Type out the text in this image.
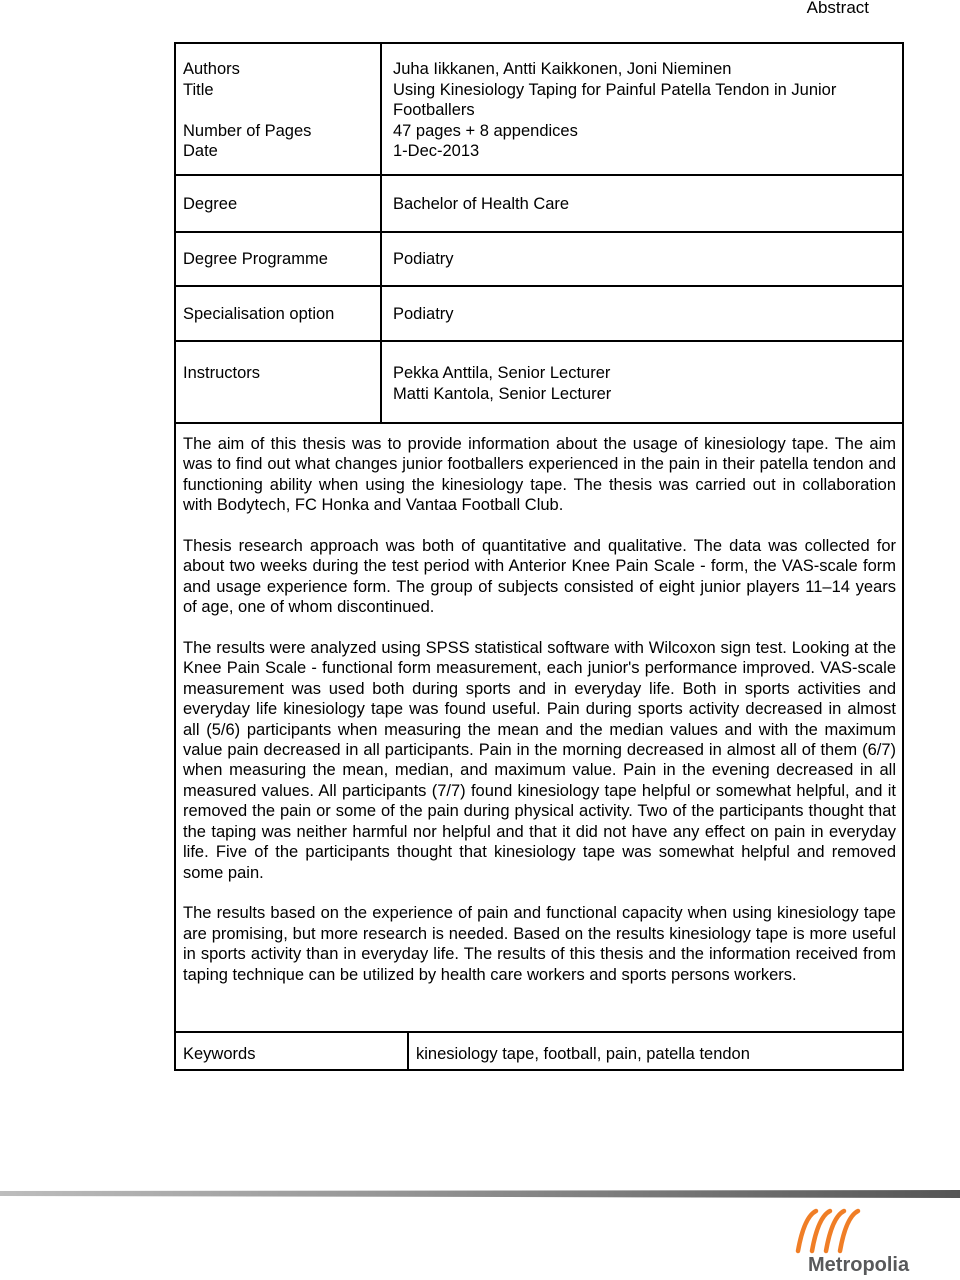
Abstract
Authors	Juha Iikkanen, Antti Kaikkonen, Joni Nieminen
Title	Using Kinesiology Taping for Painful Patella Tendon in Junior
Footballers
Number of Pages	47 pages + 8 appendices
Date	1-Dec-2013
Degree	Bachelor of Health Care
Degree Programme	Podiatry
Specialisation option	Podiatry
Instructors	Pekka Anttila, Senior Lecturer
Matti Kantola, Senior Lecturer

The aim of this thesis was to provide information about the usage of kinesiology tape. The aim was to find out what changes junior footballers experienced in the pain in their patella tendon and functioning ability when using the kinesiology tape. The thesis was carried out in collaboration with Bodytech, FC Honka and Vantaa Football Club.

Thesis research approach was both of quantitative and qualitative. The data was collected for about two weeks during the test period with Anterior Knee Pain Scale - form, the VAS-scale form and usage experience form. The group of subjects consisted of eight junior players 11–14 years of age, one of whom discontinued.

The results were analyzed using SPSS statistical software with Wilcoxon sign test. Looking at the Knee Pain Scale - functional form measurement, each junior's performance improved. VAS-scale measurement was used both during sports and in everyday life. Both in sports activities and everyday life kinesiology tape was found useful. Pain during sports activity decreased in almost all (5/6) participants when measuring the mean and the median values and with the maximum value pain decreased in all participants. Pain in the morning decreased in almost all of them (6/7) when measuring the mean, median, and maximum value. Pain in the evening decreased in all measured values. All participants (7/7) found kinesiology tape helpful or somewhat helpful, and it removed the pain or some of the pain during physical activity. Two of the participants thought that the taping was neither harmful nor helpful and that it did not have any effect on pain in everyday life. Five of the participants thought that kinesiology tape was somewhat helpful and removed some pain.

The results based on the experience of pain and functional capacity when using kinesiology tape are promising, but more research is needed. Based on the results kinesiology tape is more useful in sports activity than in everyday life. The results of this thesis and the information received from taping technique can be utilized by health care workers and sports persons workers.

Keywords	kinesiology tape, football, pain, patella tendon
Metropolia
